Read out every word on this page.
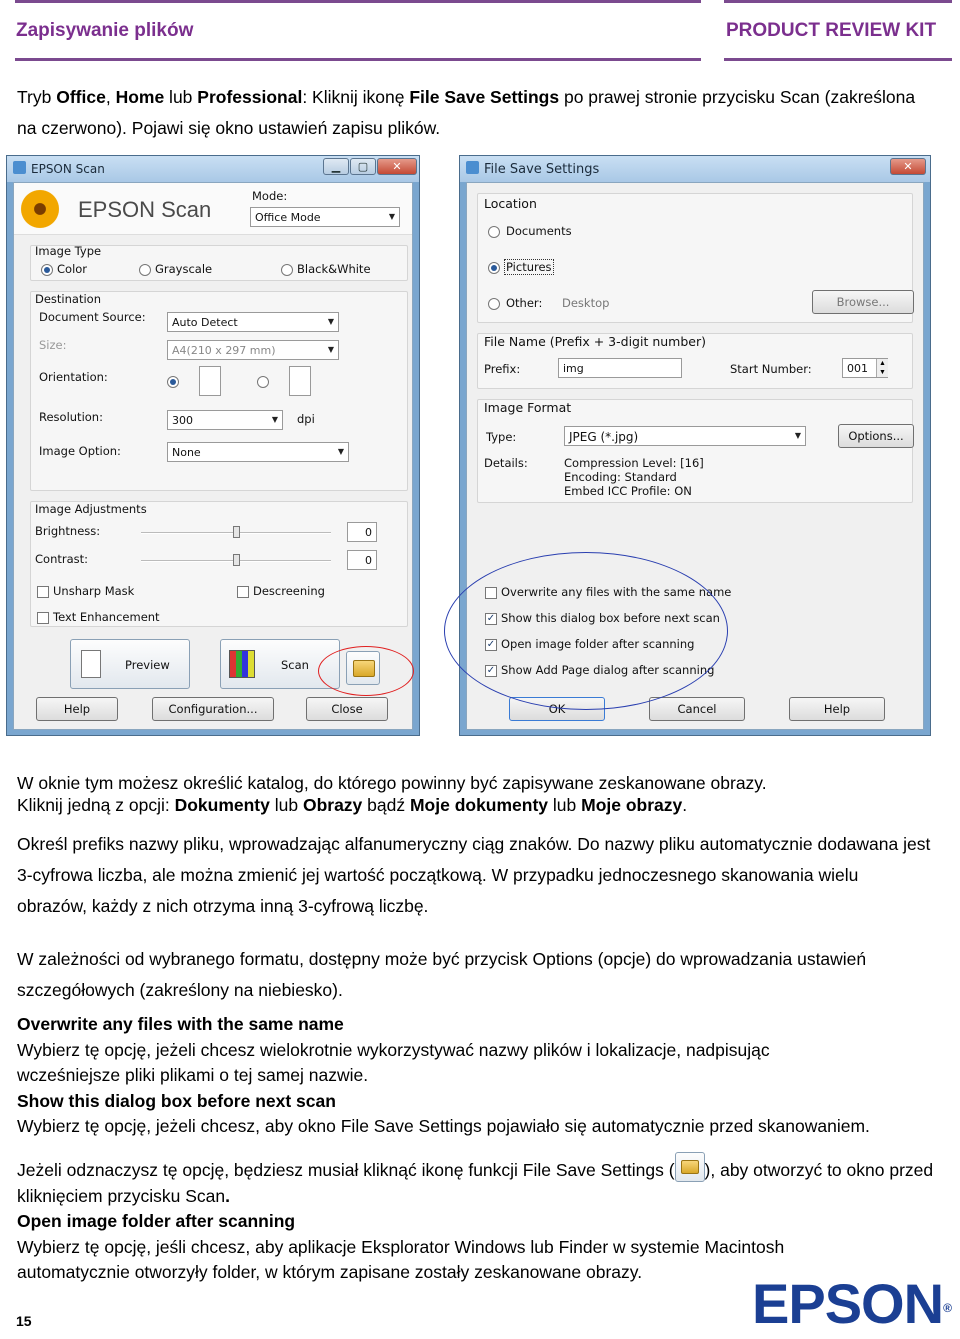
Zapisywanie plików	PRODUCT REVIEW KIT
Tryb Office, Home lub Professional: Kliknij ikonę File Save Settings po prawej stronie przycisku Scan (zakreślona na czerwono). Pojawi się okno ustawień zapisu plików.
EPSON Scan	▁	▢	✕
EPSON Scan
Mode:
Office Mode ▼
Image Type
Color	Grayscale	Black&White
Destination
Document Source:	Auto Detect ▼
Size:	A4(210 x 297 mm) ▼
Orientation:
Resolution:	300 ▼	dpi
Image Option:	None ▼
Image Adjustments
Brightness:	0
Contrast:	0
Unsharp Mask	Descreening
Text Enhancement
Preview	Scan
Help	Configuration...	Close
File Save Settings	✕
Location
Documents
Pictures
Other: Desktop	Browse...
File Name (Prefix + 3-digit number)
Prefix:	img	Start Number:	001	▲
▼
Image Format
Type:	JPEG (*.jpg) ▼	Options...
Details:	Compression Level: [16]
Encoding: Standard
Embed ICC Profile: ON
Overwrite any files with the same name
✓ Show this dialog box before next scan
✓ Open image folder after scanning
✓ Show Add Page dialog after scanning
OK	Cancel	Help
W oknie tym możesz określić katalog, do którego powinny być zapisywane zeskanowane obrazy.
Kliknij jedną z opcji: Dokumenty lub Obrazy bądź Moje dokumenty lub Moje obrazy.
Określ prefiks nazwy pliku, wprowadzając alfanumeryczny ciąg znaków. Do nazwy pliku automatycznie dodawana jest 3-cyfrowa liczba, ale można zmienić jej wartość początkową. W przypadku jednoczesnego skanowania wielu obrazów, każdy z nich otrzyma inną 3-cyfrową liczbę.
W zależności od wybranego formatu, dostępny może być przycisk Options (opcje) do wprowadzania ustawień szczegółowych (zakreślony na niebiesko).
Overwrite any files with the same name
Wybierz tę opcję, jeżeli chcesz wielokrotnie wykorzystywać nazwy plików i lokalizacje, nadpisując wcześniejsze pliki plikami o tej samej nazwie.
Show this dialog box before next scan
Wybierz tę opcję, jeżeli chcesz, aby okno File Save Settings pojawiało się automatycznie przed skanowaniem.
Jeżeli odznaczysz tę opcję, będziesz musiał kliknąć ikonę funkcji File Save Settings ( ), aby otworzyć to okno przed kliknięciem przycisku Scan.
Open image folder after scanning
Wybierz tę opcję, jeśli chcesz, aby aplikacje Eksplorator Windows lub Finder w systemie Macintosh automatycznie otworzyły folder, w którym zapisane zostały zeskanowane obrazy.
15	EPSON®
